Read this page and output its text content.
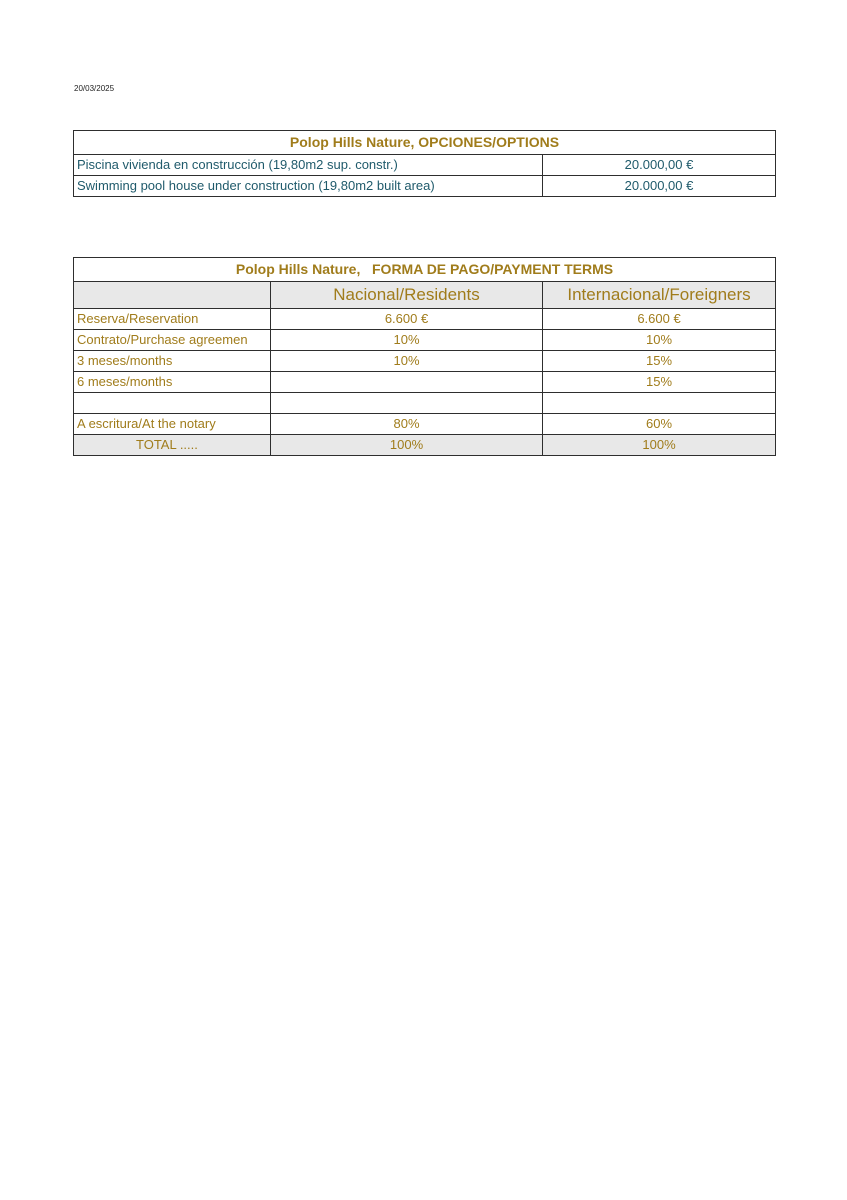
20/03/2025
Polop Hills Nature, OPCIONES/OPTIONS	
Piscina vivienda en construcción (19,80m2 sup. constr.)	20.000,00 €
Swimming pool house under construction (19,80m2 built area)	20.000,00 €
Polop Hills Nature,   FORMA DE PAGO/PAYMENT TERMS		
	Nacional/Residents	Internacional/Foreigners
Reserva/Reservation	6.600 €	6.600 €
Contrato/Purchase agreemen	10%	10%
3 meses/months	10%	15%
6 meses/months		15%

A escritura/At the notary	80%	60%
TOTAL .....	100%	100%
